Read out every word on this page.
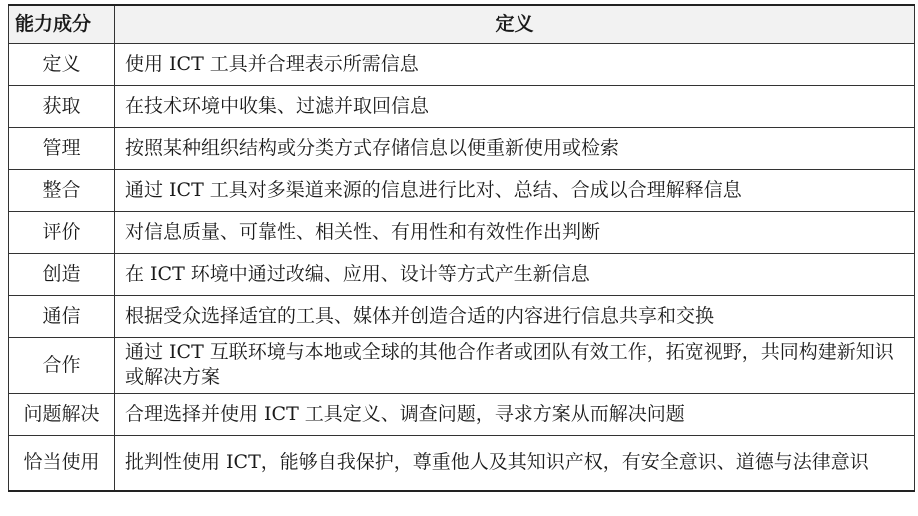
能力成分	定义
定义	使用 ICT 工具并合理表示所需信息
获取	在技术环境中收集、过滤并取回信息
管理	按照某种组织结构或分类方式存储信息以便重新使用或检索
整合	通过 ICT 工具对多渠道来源的信息进行比对、总结、合成以合理解释信息
评价	对信息质量、可靠性、相关性、有用性和有效性作出判断
创造	在 ICT 环境中通过改编、应用、设计等方式产生新信息
通信	根据受众选择适宜的工具、媒体并创造合适的内容进行信息共享和交换
合作	通过 ICT 互联环境与本地或全球的其他合作者或团队有效工作，拓宽视野，共同构建新知识或解决方案
问题解决	合理选择并使用 ICT 工具定义、调查问题，寻求方案从而解决问题
恰当使用	批判性使用 ICT，能够自我保护，尊重他人及其知识产权，有安全意识、道德与法律意识
